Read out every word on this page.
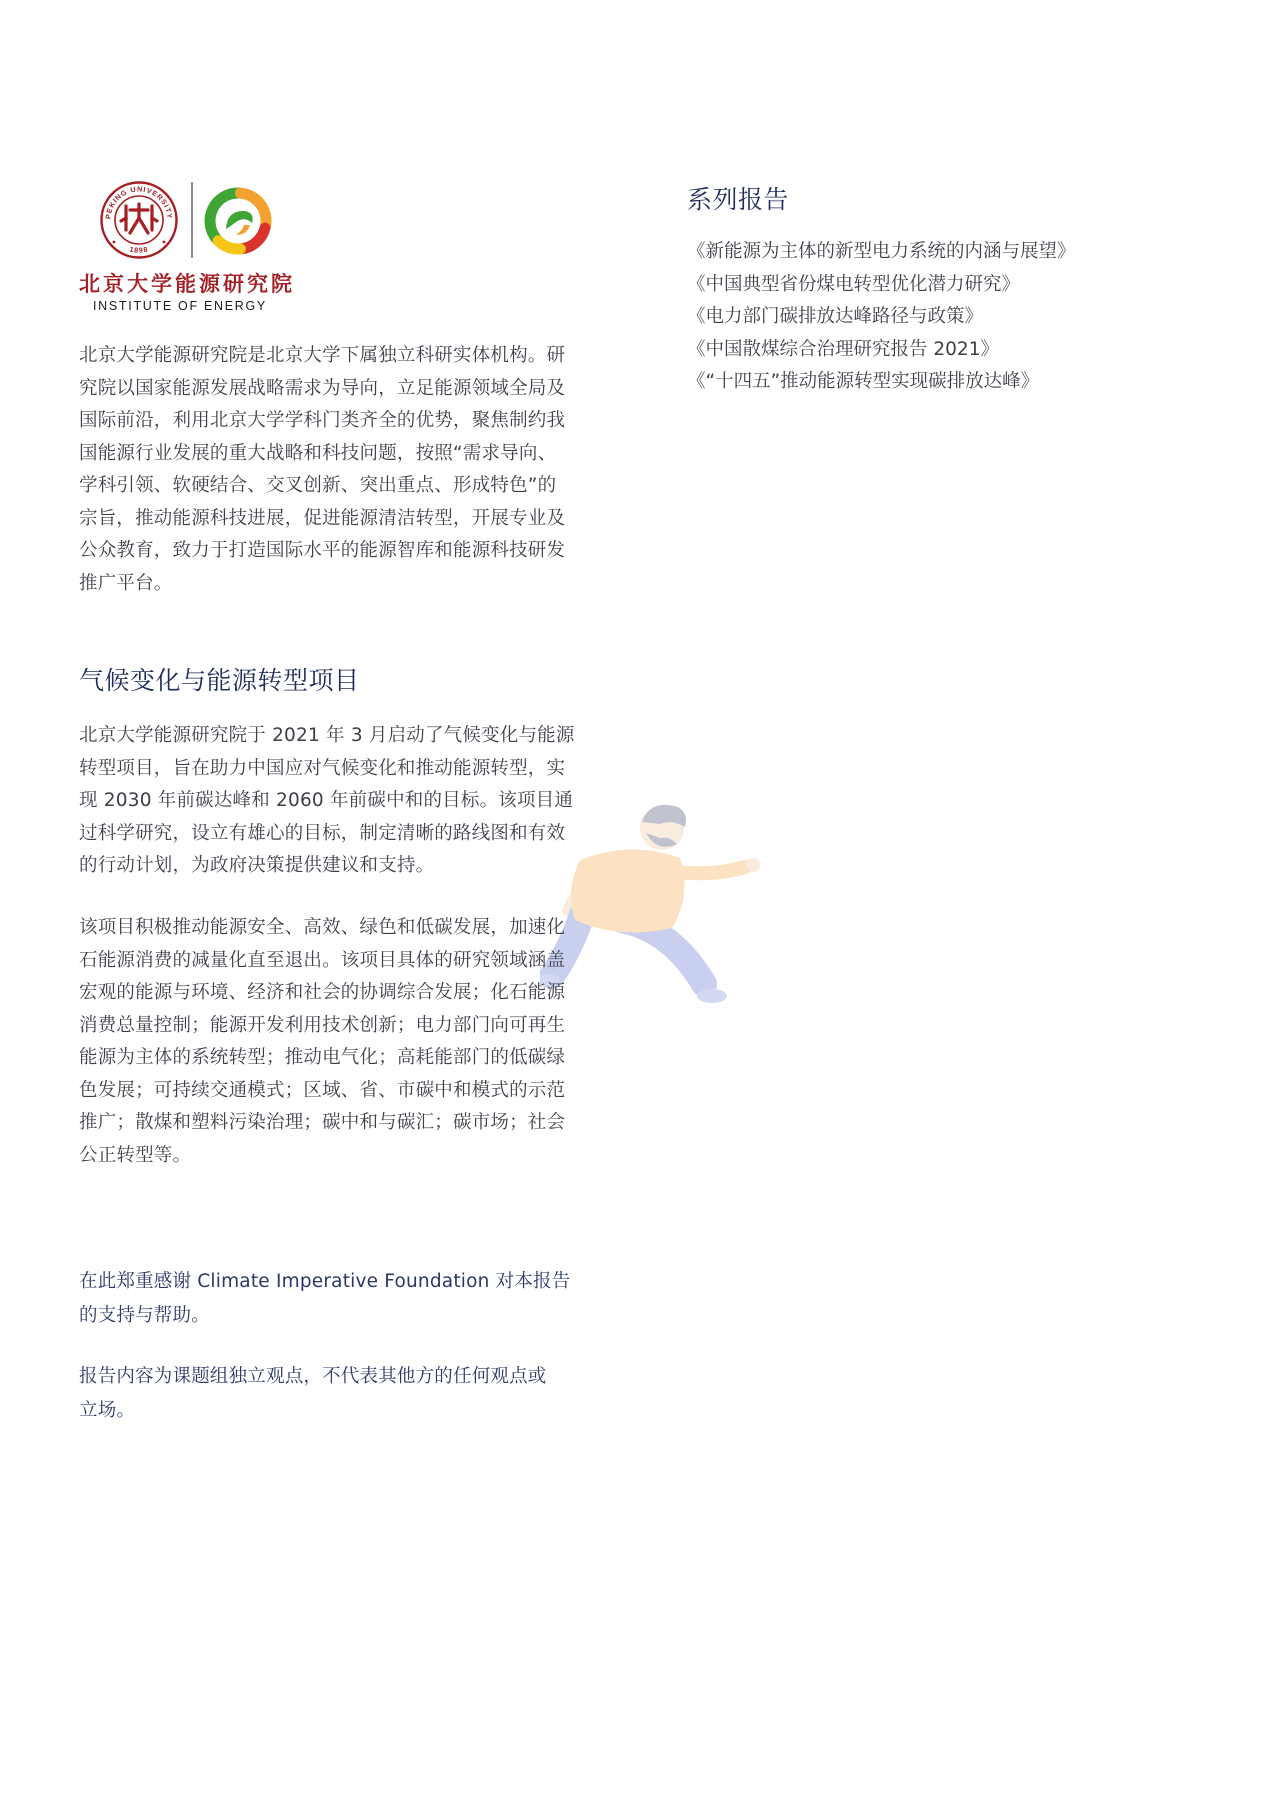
PEKING UNIVERSITY
1898
北京大学能源研究院
INSTITUTE OF ENERGY
北京大学能源研究院是北京大学下属独立科研实体机构。研
究院以国家能源发展战略需求为导向，立足能源领域全局及
国际前沿，利用北京大学学科门类齐全的优势，聚焦制约我
国能源行业发展的重大战略和科技问题，按照“需求导向、
学科引领、软硬结合、交叉创新、突出重点、形成特色”的
宗旨，推动能源科技进展，促进能源清洁转型，开展专业及
公众教育，致力于打造国际水平的能源智库和能源科技研发
推广平台。
气候变化与能源转型项目
北京大学能源研究院于 2021 年 3 月启动了气候变化与能源
转型项目，旨在助力中国应对气候变化和推动能源转型，实
现 2030 年前碳达峰和 2060 年前碳中和的目标。该项目通
过科学研究，设立有雄心的目标，制定清晰的路线图和有效
的行动计划，为政府决策提供建议和支持。
该项目积极推动能源安全、高效、绿色和低碳发展，加速化
石能源消费的减量化直至退出。该项目具体的研究领域涵盖
宏观的能源与环境、经济和社会的协调综合发展；化石能源
消费总量控制；能源开发利用技术创新；电力部门向可再生
能源为主体的系统转型；推动电气化；高耗能部门的低碳绿
色发展；可持续交通模式；区域、省、市碳中和模式的示范
推广；散煤和塑料污染治理；碳中和与碳汇；碳市场；社会
公正转型等。
在此郑重感谢 Climate Imperative Foundation 对本报告
的支持与帮助。
报告内容为课题组独立观点，不代表其他方的任何观点或
立场。
系列报告
《新能源为主体的新型电力系统的内涵与展望》
《中国典型省份煤电转型优化潜力研究》
《电力部门碳排放达峰路径与政策》
《中国散煤综合治理研究报告 2021》
《“十四五”推动能源转型实现碳排放达峰》
